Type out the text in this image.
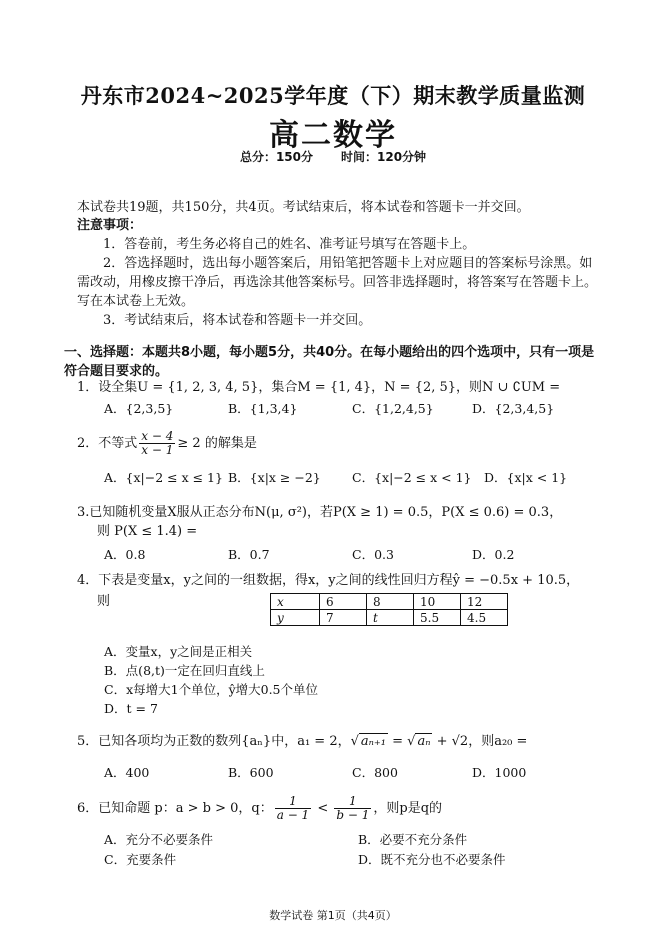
丹东市2024~2025学年度（下）期末教学质量监测
高二数学
总分：150分 时间：120分钟
本试卷共19题，共150分，共4页。考试结束后，将本试卷和答题卡一并交回。
注意事项：
1．答卷前，考生务必将自己的姓名、准考证号填写在答题卡上。
2．答选择题时，选出每小题答案后，用铅笔把答题卡上对应题目的答案标号涂黑。如需改动，用橡皮擦干净后，再选涂其他答案标号。回答非选择题时，将答案写在答题卡上。写在本试卷上无效。
3．考试结束后，将本试卷和答题卡一并交回。
一、选择题：本题共8小题，每小题5分，共40分。在每小题给出的四个选项中，只有一项是符合题目要求的。
1．设全集U = {1, 2, 3, 4, 5}，集合M = {1, 4}，N = {2, 5}，则N ∪ ∁UM =
A．{2,3,5}	B．{1,3,4}	C．{1,2,4,5}	D．{2,3,4,5}
2．不等式 $\frac{x - 4}{x - 1} \ge 2$ 的解集是
A．{x|−2 ≤ x ≤ 1} B．{x|x ≥ −2}	C．{x|−2 ≤ x < 1} D．{x|x < 1}
3.已知随机变量X服从正态分布N(μ, σ²)，若P(X ≥ 1) = 0.5，P(X ≤ 0.6) = 0.3，
则 P(X ≤ 1.4) =
A．0.8	B．0.7	C．0.3	D．0.2
4．下表是变量x，y之间的一组数据，得x，y之间的线性回归方程ŷ = −0.5x + 10.5，
则	x	6	8	10	12
y	7	t	5.5	4.5
A．变量x，y之间是正相关
B．点(8,t)一定在回归直线上
C．x每增大1个单位，ŷ增大0.5个单位
D．t = 7
5．已知各项均为正数的数列{aₙ}中，a₁ = 2，√ aₙ₊₁ = √ aₙ + √2，则a₂₀ =
A．400	B．600	C．800	D．1000
6．已知命题 p：a > b > 0，q： $\frac{1}{a - 1} < \frac{1}{b - 1}$ ，则p是q的
A．充分不必要条件	B．必要不充分条件
C．充要条件	D．既不充分也不必要条件
数学试卷 第1页（共4页）
